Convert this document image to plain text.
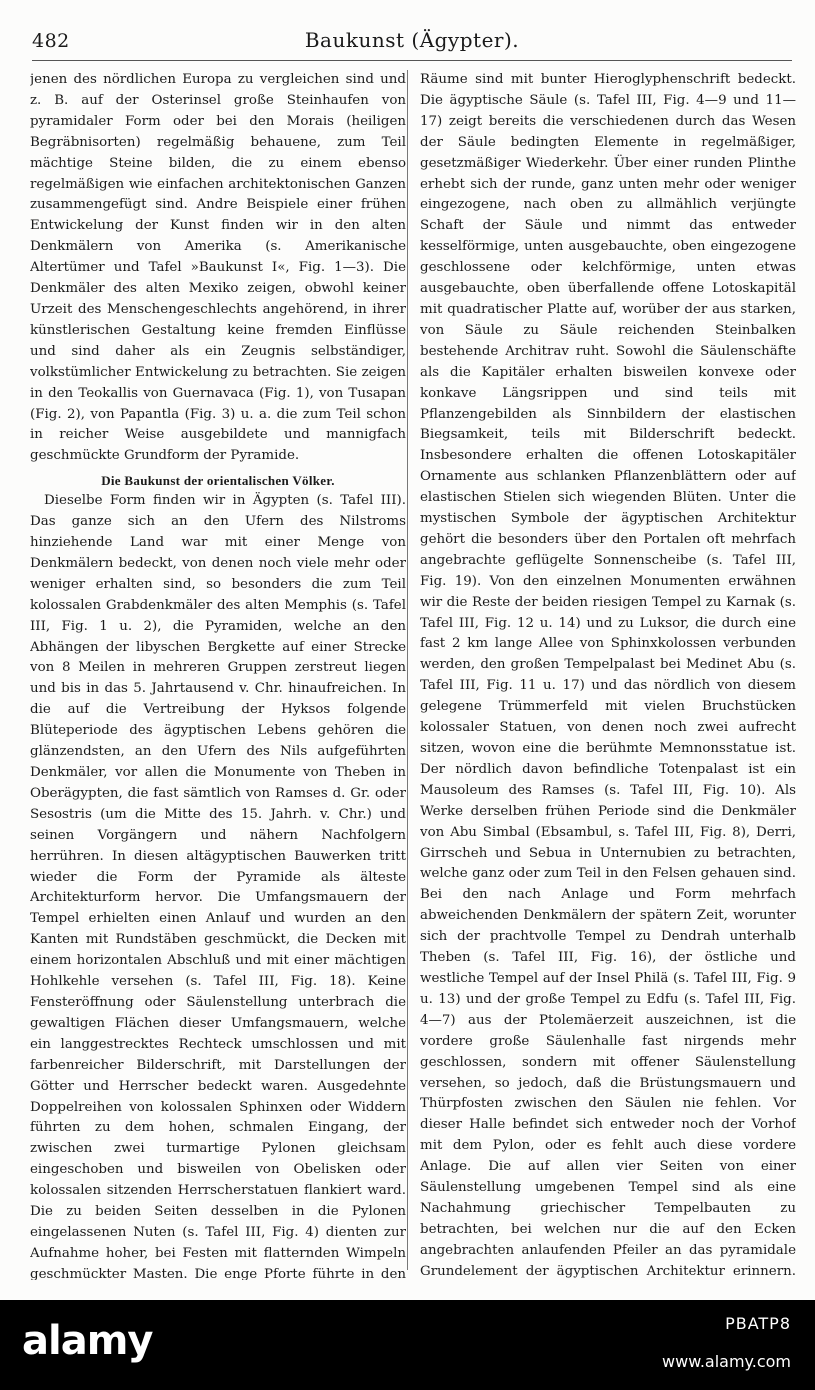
482	Baukunst (Ägypter).

jenen des nördlichen Europa zu vergleichen sind und z. B. auf der Osterinsel große Steinhaufen von pyramidaler Form oder bei den Morais (heiligen Begräbnisorten) regelmäßig behauene, zum Teil mächtige Steine bilden, die zu einem ebenso regelmäßigen wie einfachen architektonischen Ganzen zusammengefügt sind. Andre Beispiele einer frühen Entwickelung der Kunst finden wir in den alten Denkmälern von Amerika (s. Amerikanische Altertümer und Tafel »Baukunst I«, Fig. 1—3). Die Denkmäler des alten Mexiko zeigen, obwohl keiner Urzeit des Menschengeschlechts angehörend, in ihrer künstlerischen Gestaltung keine fremden Einflüsse und sind daher als ein Zeugnis selbständiger, volkstümlicher Entwickelung zu betrachten. Sie zeigen in den Teokallis von Guernavaca (Fig. 1), von Tusapan (Fig. 2), von Papantla (Fig. 3) u. a. die zum Teil schon in reicher Weise ausgebildete und mannigfach geschmückte Grundform der Pyramide.

Die Baukunst der orientalischen Völker.

Dieselbe Form finden wir in Ägypten (s. Tafel III). Das ganze sich an den Ufern des Nilstroms hinziehende Land war mit einer Menge von Denkmälern bedeckt, von denen noch viele mehr oder weniger erhalten sind, so besonders die zum Teil kolossalen Grabdenkmäler des alten Memphis (s. Tafel III, Fig. 1 u. 2), die Pyramiden, welche an den Abhängen der libyschen Bergkette auf einer Strecke von 8 Meilen in mehreren Gruppen zerstreut liegen und bis in das 5. Jahrtausend v. Chr. hinaufreichen. In die auf die Vertreibung der Hyksos folgende Blüteperiode des ägyptischen Lebens gehören die glänzendsten, an den Ufern des Nils aufgeführten Denkmäler, vor allen die Monumente von Theben in Oberägypten, die fast sämtlich von Ramses d. Gr. oder Sesostris (um die Mitte des 15. Jahrh. v. Chr.) und seinen Vorgängern und nähern Nachfolgern herrühren. In diesen altägyptischen Bauwerken tritt wieder die Form der Pyramide als älteste Architekturform hervor. Die Umfangsmauern der Tempel erhielten einen Anlauf und wurden an den Kanten mit Rundstäben geschmückt, die Decken mit einem horizontalen Abschluß und mit einer mächtigen Hohlkehle versehen (s. Tafel III, Fig. 18). Keine Fensteröffnung oder Säulenstellung unterbrach die gewaltigen Flächen dieser Umfangsmauern, welche ein langgestrecktes Rechteck umschlossen und mit farbenreicher Bilderschrift, mit Darstellungen der Götter und Herrscher bedeckt waren. Ausgedehnte Doppelreihen von kolossalen Sphinxen oder Widdern führten zu dem hohen, schmalen Eingang, der zwischen zwei turmartige Pylonen gleichsam eingeschoben und bisweilen von Obelisken oder kolossalen sitzenden Herrscherstatuen flankiert ward. Die zu beiden Seiten desselben in die Pylonen eingelassenen Nuten (s. Tafel III, Fig. 4) dienten zur Aufnahme hoher, bei Festen mit flatternden Wimpeln geschmückter Masten. Die enge Pforte führte in den

Räume sind mit bunter Hieroglyphenschrift bedeckt. Die ägyptische Säule (s. Tafel III, Fig. 4—9 und 11—17) zeigt bereits die verschiedenen durch das Wesen der Säule bedingten Elemente in regelmäßiger, gesetzmäßiger Wiederkehr. Über einer runden Plinthe erhebt sich der runde, ganz unten mehr oder weniger eingezogene, nach oben zu allmählich verjüngte Schaft der Säule und nimmt das entweder kesselförmige, unten ausgebauchte, oben eingezogene geschlossene oder kelchförmige, unten etwas ausgebauchte, oben überfallende offene Lotoskapitäl mit quadratischer Platte auf, worüber der aus starken, von Säule zu Säule reichenden Steinbalken bestehende Architrav ruht. Sowohl die Säulenschäfte als die Kapitäler erhalten bisweilen konvexe oder konkave Längsrippen und sind teils mit Pflanzengebilden als Sinnbildern der elastischen Biegsamkeit, teils mit Bilderschrift bedeckt. Insbesondere erhalten die offenen Lotoskapitäler Ornamente aus schlanken Pflanzenblättern oder auf elastischen Stielen sich wiegenden Blüten. Unter die mystischen Symbole der ägyptischen Architektur gehört die besonders über den Portalen oft mehrfach angebrachte geflügelte Sonnenscheibe (s. Tafel III, Fig. 19). Von den einzelnen Monumenten erwähnen wir die Reste der beiden riesigen Tempel zu Karnak (s. Tafel III, Fig. 12 u. 14) und zu Luksor, die durch eine fast 2 km lange Allee von Sphinxkolossen verbunden werden, den großen Tempelpalast bei Medinet Abu (s. Tafel III, Fig. 11 u. 17) und das nördlich von diesem gelegene Trümmerfeld mit vielen Bruchstücken kolossaler Statuen, von denen noch zwei aufrecht sitzen, wovon eine die berühmte Memnonsstatue ist. Der nördlich davon befindliche Totenpalast ist ein Mausoleum des Ramses (s. Tafel III, Fig. 10). Als Werke derselben frühen Periode sind die Denkmäler von Abu Simbal (Ebsambul, s. Tafel III, Fig. 8), Derri, Girrscheh und Sebua in Unternubien zu betrachten, welche ganz oder zum Teil in den Felsen gehauen sind. Bei den nach Anlage und Form mehrfach abweichenden Denkmälern der spätern Zeit, worunter sich der prachtvolle Tempel zu Dendrah unterhalb Theben (s. Tafel III, Fig. 16), der östliche und westliche Tempel auf der Insel Philä (s. Tafel III, Fig. 9 u. 13) und der große Tempel zu Edfu (s. Tafel III, Fig. 4—7) aus der Ptolemäerzeit auszeichnen, ist die vordere große Säulenhalle fast nirgends mehr geschlossen, sondern mit offener Säulenstellung versehen, so jedoch, daß die Brüstungsmauern und Thürpfosten zwischen den Säulen nie fehlen. Vor dieser Halle befindet sich entweder noch der Vorhof mit dem Pylon, oder es fehlt auch diese vordere Anlage. Die auf allen vier Seiten von einer Säulenstellung umgebenen Tempel sind als eine Nachahmung griechischer Tempelbauten zu betrachten, bei welchen nur die auf den Ecken angebrachten anlaufenden Pfeiler an das pyramidale Grundelement der ägyptischen Architektur erinnern.

alamy	PBATP8
www.alamy.com
